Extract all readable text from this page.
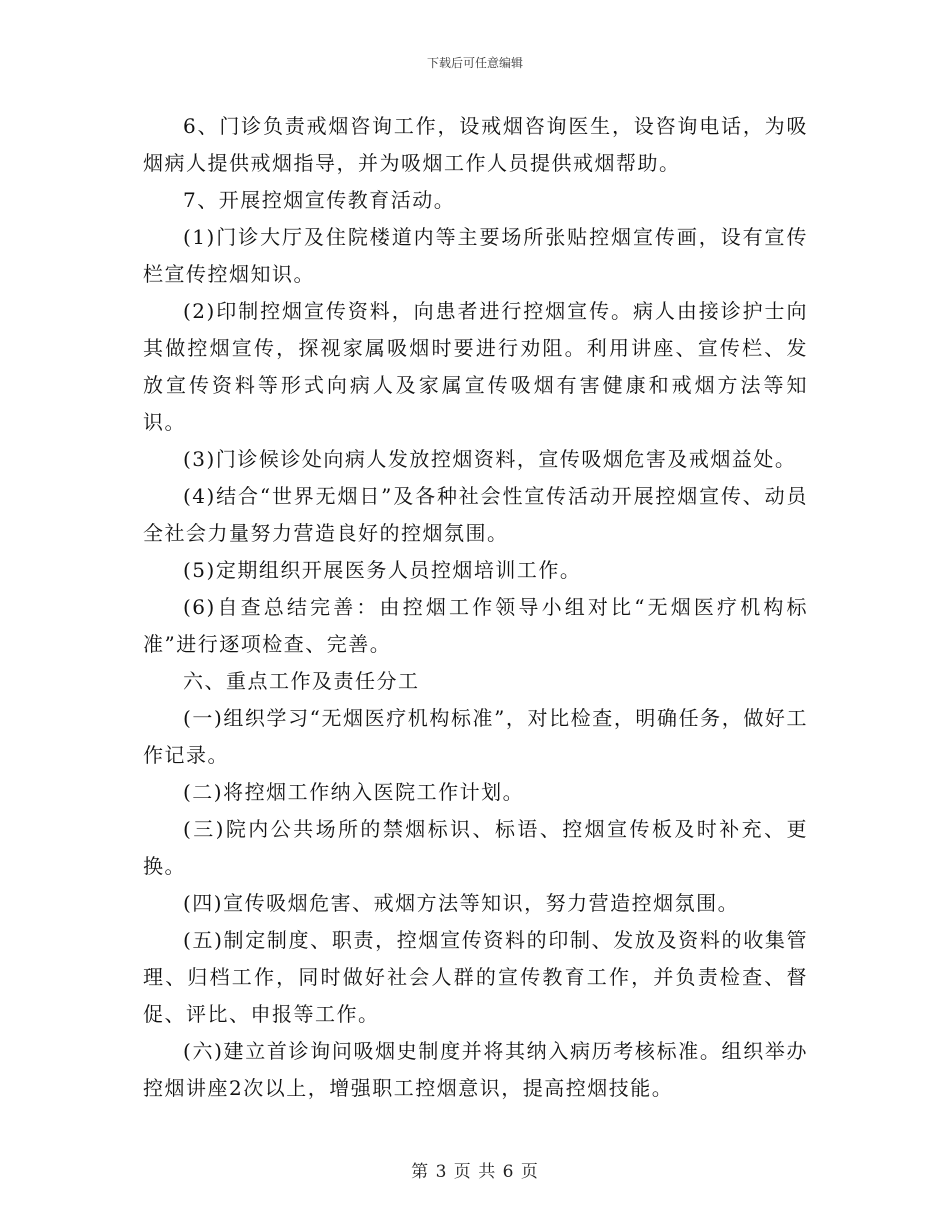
下载后可任意编辑

6、门诊负责戒烟咨询工作，设戒烟咨询医生，设咨询电话，为吸烟病人提供戒烟指导，并为吸烟工作人员提供戒烟帮助。

7、开展控烟宣传教育活动。

(1)门诊大厅及住院楼道内等主要场所张贴控烟宣传画，设有宣传栏宣传控烟知识。

(2)印制控烟宣传资料，向患者进行控烟宣传。病人由接诊护士向其做控烟宣传，探视家属吸烟时要进行劝阻。利用讲座、宣传栏、发放宣传资料等形式向病人及家属宣传吸烟有害健康和戒烟方法等知识。

(3)门诊候诊处向病人发放控烟资料，宣传吸烟危害及戒烟益处。

(4)结合“世界无烟日”及各种社会性宣传活动开展控烟宣传、动员全社会力量努力营造良好的控烟氛围。

(5)定期组织开展医务人员控烟培训工作。

(6)自查总结完善：由控烟工作领导小组对比“无烟医疗机构标准”进行逐项检查、完善。

六、重点工作及责任分工

(一)组织学习“无烟医疗机构标准”，对比检查，明确任务，做好工作记录。

(二)将控烟工作纳入医院工作计划。

(三)院内公共场所的禁烟标识、标语、控烟宣传板及时补充、更换。

(四)宣传吸烟危害、戒烟方法等知识，努力营造控烟氛围。

(五)制定制度、职责，控烟宣传资料的印制、发放及资料的收集管理、归档工作，同时做好社会人群的宣传教育工作，并负责检查、督促、评比、申报等工作。

(六)建立首诊询问吸烟史制度并将其纳入病历考核标准。组织举办控烟讲座2次以上，增强职工控烟意识，提高控烟技能。

第 3 页 共 6 页
